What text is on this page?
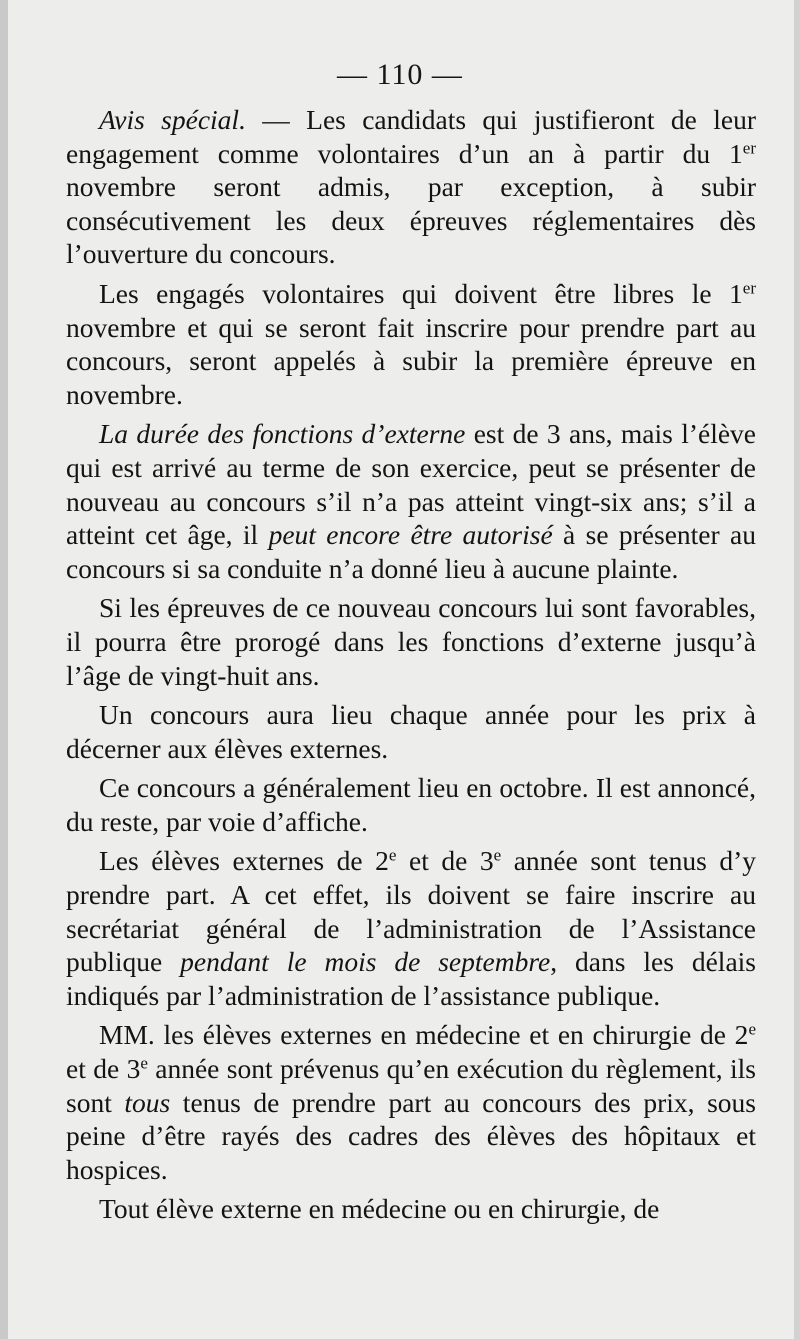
— 110 —

Avis spécial. — Les candidats qui justifieront de leur engagement comme volontaires d’un an à partir du 1er novembre seront admis, par exception, à subir consécutivement les deux épreuves réglementaires dès l’ouverture du concours.

Les engagés volontaires qui doivent être libres le 1er novembre et qui se seront fait inscrire pour prendre part au concours, seront appelés à subir la première épreuve en novembre.

La durée des fonctions d’externe est de 3 ans, mais l’élève qui est arrivé au terme de son exercice, peut se présenter de nouveau au concours s’il n’a pas atteint vingt-six ans; s’il a atteint cet âge, il peut encore être autorisé à se présenter au concours si sa conduite n’a donné lieu à aucune plainte.

Si les épreuves de ce nouveau concours lui sont favorables, il pourra être prorogé dans les fonctions d’externe jusqu’à l’âge de vingt-huit ans.

Un concours aura lieu chaque année pour les prix à décerner aux élèves externes.

Ce concours a généralement lieu en octobre. Il est annoncé, du reste, par voie d’affiche.

Les élèves externes de 2e et de 3e année sont tenus d’y prendre part. A cet effet, ils doivent se faire inscrire au secrétariat général de l’administration de l’Assistance publique pendant le mois de septembre, dans les délais indiqués par l’administration de l’assistance publique.

MM. les élèves externes en médecine et en chirurgie de 2e et de 3e année sont prévenus qu’en exécution du règlement, ils sont tous tenus de prendre part au concours des prix, sous peine d’être rayés des cadres des élèves des hôpitaux et hospices.

Tout élève externe en médecine ou en chirurgie, de
